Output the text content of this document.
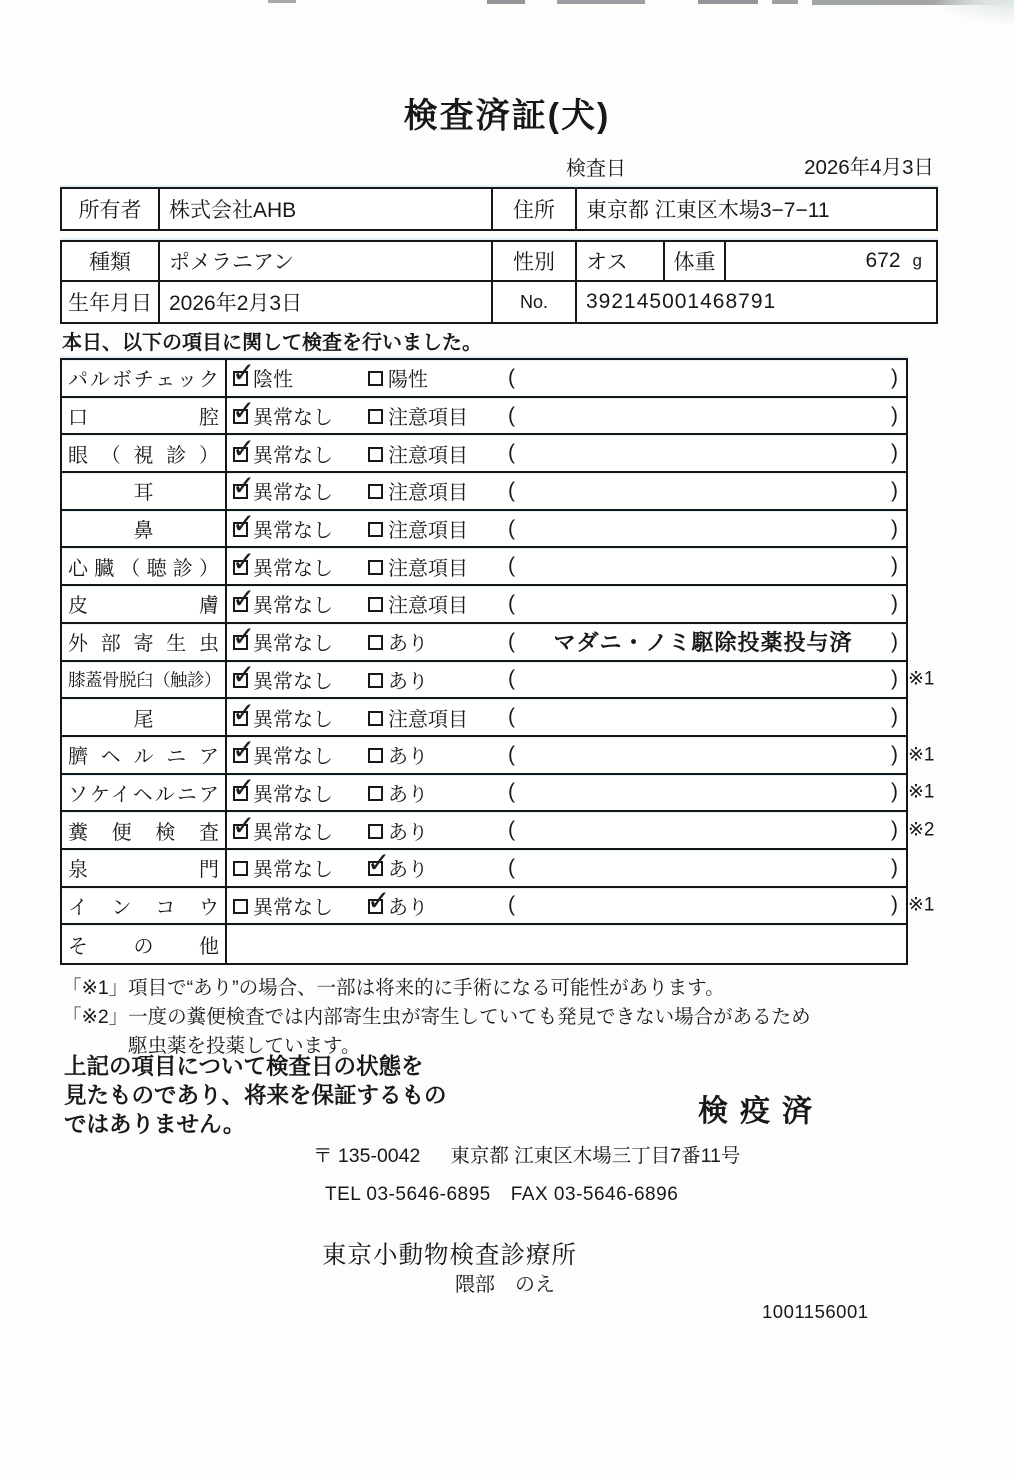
検査済証(犬)
検査日	2026年4月3日
所有者	株式会社AHB	住所	東京都 江東区木場3−7−11
種類	ポメラニアン	性別	オス	体重	672 g
生年月日 2026年2月3日	No.	392145001468791
本日、以下の項目に関して検査を行いました。
パルボチェック ✓ 陰性	陽性	(	)
口腔 ✓ 異常なし	注意項目 (	)
眼（視診） ✓ 異常なし	注意項目 (	)
耳 ✓	異常なし	注意項目 (	)
鼻 ✓	異常なし	注意項目 (	)
心臓（聴診） ✓ 異常なし	注意項目 (	)
皮膚 ✓ 異常なし	注意項目 (	)
外部寄生虫 ✓ 異常なし	あり	(	マダニ・ノミ駆除投薬投与済	)
膝蓋骨脱臼（触診） ✓ 異常なし	あり	(	) ※1
尾 ✓	異常なし	注意項目 (	)
臍ヘルニア ✓ 異常なし	あり	(	) ※1
ソケイヘルニア ✓ 異常なし	あり	(	) ※1
糞便検査 ✓ 異常なし	あり	(	) ※2
泉門 異常なし ✓	あり	(	)
インコウ 異常なし ✓	あり	(	) ※1
その他
「※1」項目で“あり”の場合、一部は将来的に手術になる可能性があります。
「※2」一度の糞便検査では内部寄生虫が寄生していても発見できない場合があるため
駆虫薬を投薬しています。
上記の項目について検査日の状態を
見たものであり、将来を保証するもの
ではありません。	検疫済
〒 135-0042 東京都 江東区木場三丁目7番11号
TEL 03-5646-6895 FAX 03-5646-6896
東京小動物検査診療所
隈部　のえ
1001156001
